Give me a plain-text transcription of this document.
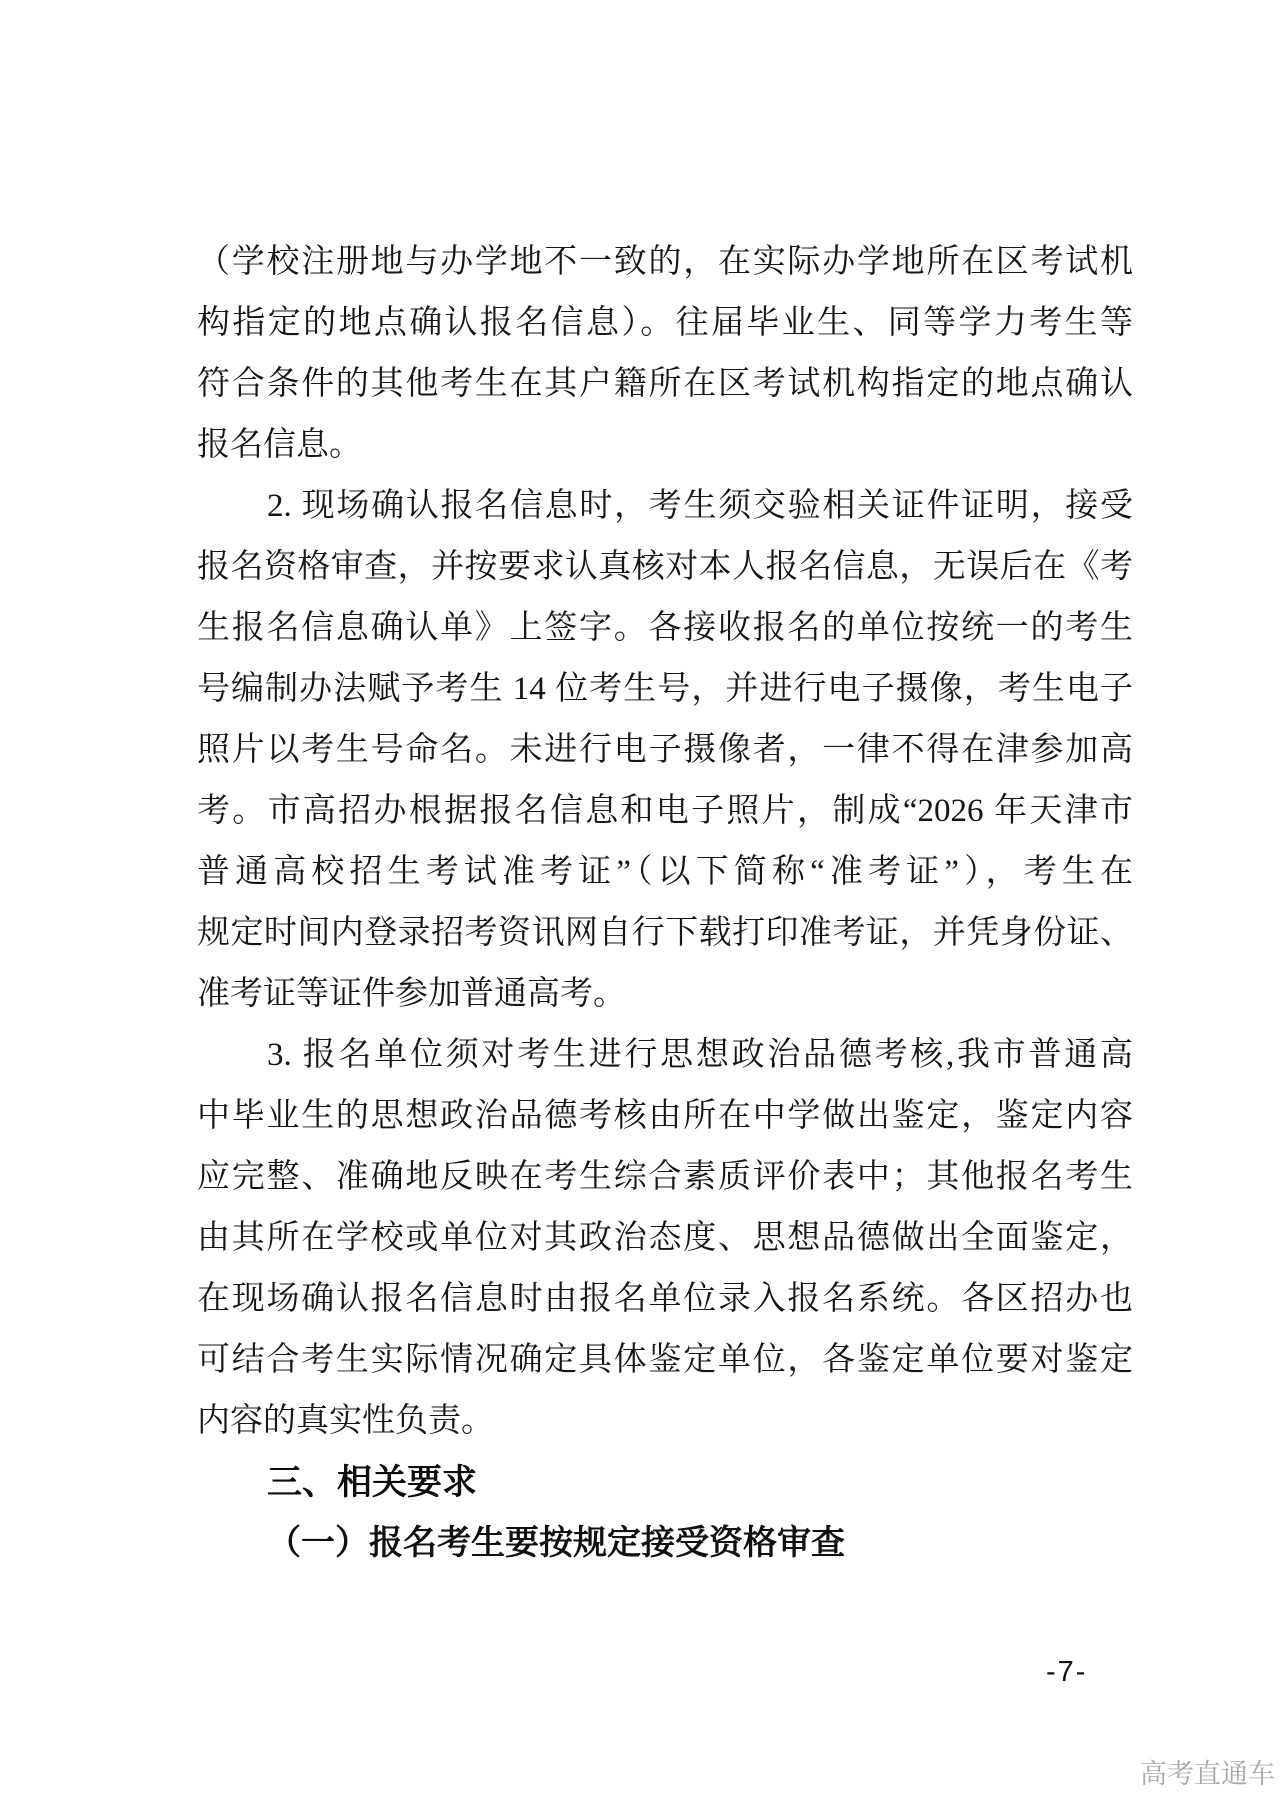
（学校注册地与办学地不一致的，在实际办学地所在区考试机
构指定的地点确认报名信息）。往届毕业生、同等学力考生等
符合条件的其他考生在其户籍所在区考试机构指定的地点确认
报名信息。
2. 现场确认报名信息时，考生须交验相关证件证明，接受
报名资格审查，并按要求认真核对本人报名信息，无误后在《考
生报名信息确认单》上签字。各接收报名的单位按统一的考生
号编制办法赋予考生 14 位考生号，并进行电子摄像，考生电子
照片以考生号命名。未进行电子摄像者，一律不得在津参加高
考。市高招办根据报名信息和电子照片，制成“2026 年天津市
普通高校招生考试准考证”（以下简称“准考证”），考生在
规定时间内登录招考资讯网自行下载打印准考证，并凭身份证、
准考证等证件参加普通高考。
3. 报名单位须对考生进行思想政治品德考核,我市普通高
中毕业生的思想政治品德考核由所在中学做出鉴定，鉴定内容
应完整、准确地反映在考生综合素质评价表中；其他报名考生
由其所在学校或单位对其政治态度、思想品德做出全面鉴定，
在现场确认报名信息时由报名单位录入报名系统。各区招办也
可结合考生实际情况确定具体鉴定单位，各鉴定单位要对鉴定
内容的真实性负责。
三、相关要求
（一）报名考生要按规定接受资格审查
-7-
高考直通车
